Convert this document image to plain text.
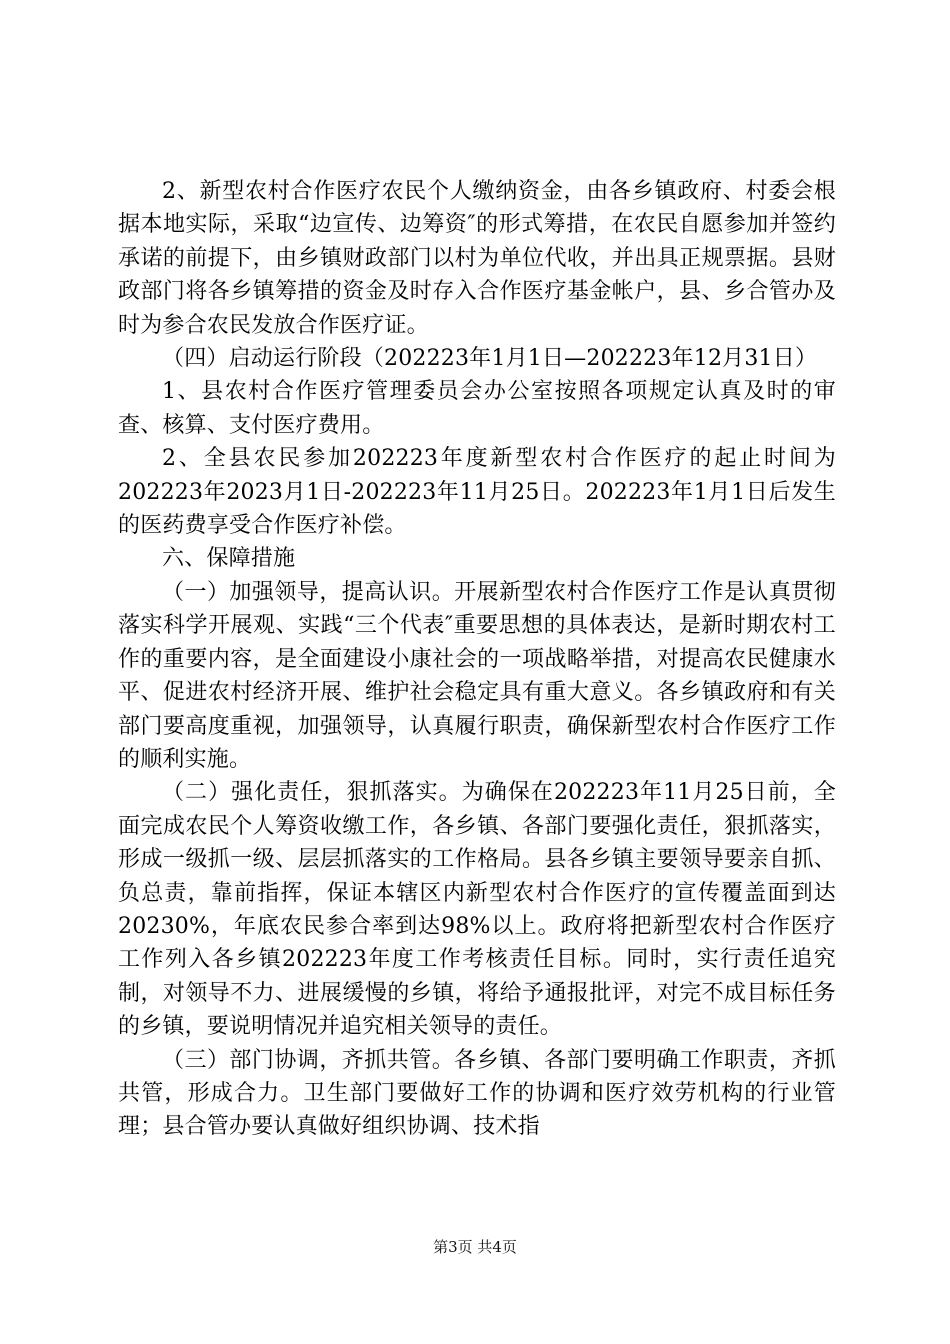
2、新型农村合作医疗农民个人缴纳资金，由各乡镇政府、村委会根据本地实际，采取“边宣传、边筹资″的形式筹措，在农民自愿参加并签约承诺的前提下，由乡镇财政部门以村为单位代收，并出具正规票据。县财政部门将各乡镇筹措的资金及时存入合作医疗基金帐户，县、乡合管办及时为参合农民发放合作医疗证。

（四）启动运行阶段（202223年1月1日—202223年12月31日）

1、县农村合作医疗管理委员会办公室按照各项规定认真及时的审查、核算、支付医疗费用。

2、全县农民参加202223年度新型农村合作医疗的起止时间为202223年2023月1日-202223年11月25日。202223年1月1日后发生的医药费享受合作医疗补偿。

六、保障措施

（一）加强领导，提高认识。开展新型农村合作医疗工作是认真贯彻落实科学开展观、实践“三个代表″重要思想的具体表达，是新时期农村工作的重要内容，是全面建设小康社会的一项战略举措，对提高农民健康水平、促进农村经济开展、维护社会稳定具有重大意义。各乡镇政府和有关部门要高度重视，加强领导，认真履行职责，确保新型农村合作医疗工作的顺利实施。

（二）强化责任，狠抓落实。为确保在202223年11月25日前，全面完成农民个人筹资收缴工作，各乡镇、各部门要强化责任，狠抓落实，形成一级抓一级、层层抓落实的工作格局。县各乡镇主要领导要亲自抓、负总责，靠前指挥，保证本辖区内新型农村合作医疗的宣传覆盖面到达20230%，年底农民参合率到达98%以上。政府将把新型农村合作医疗工作列入各乡镇202223年度工作考核责任目标。同时，实行责任追究制，对领导不力、进展缓慢的乡镇，将给予通报批评，对完不成目标任务的乡镇，要说明情况并追究相关领导的责任。

（三）部门协调，齐抓共管。各乡镇、各部门要明确工作职责，齐抓共管，形成合力。卫生部门要做好工作的协调和医疗效劳机构的行业管理；县合管办要认真做好组织协调、技术指

第3页 共4页
